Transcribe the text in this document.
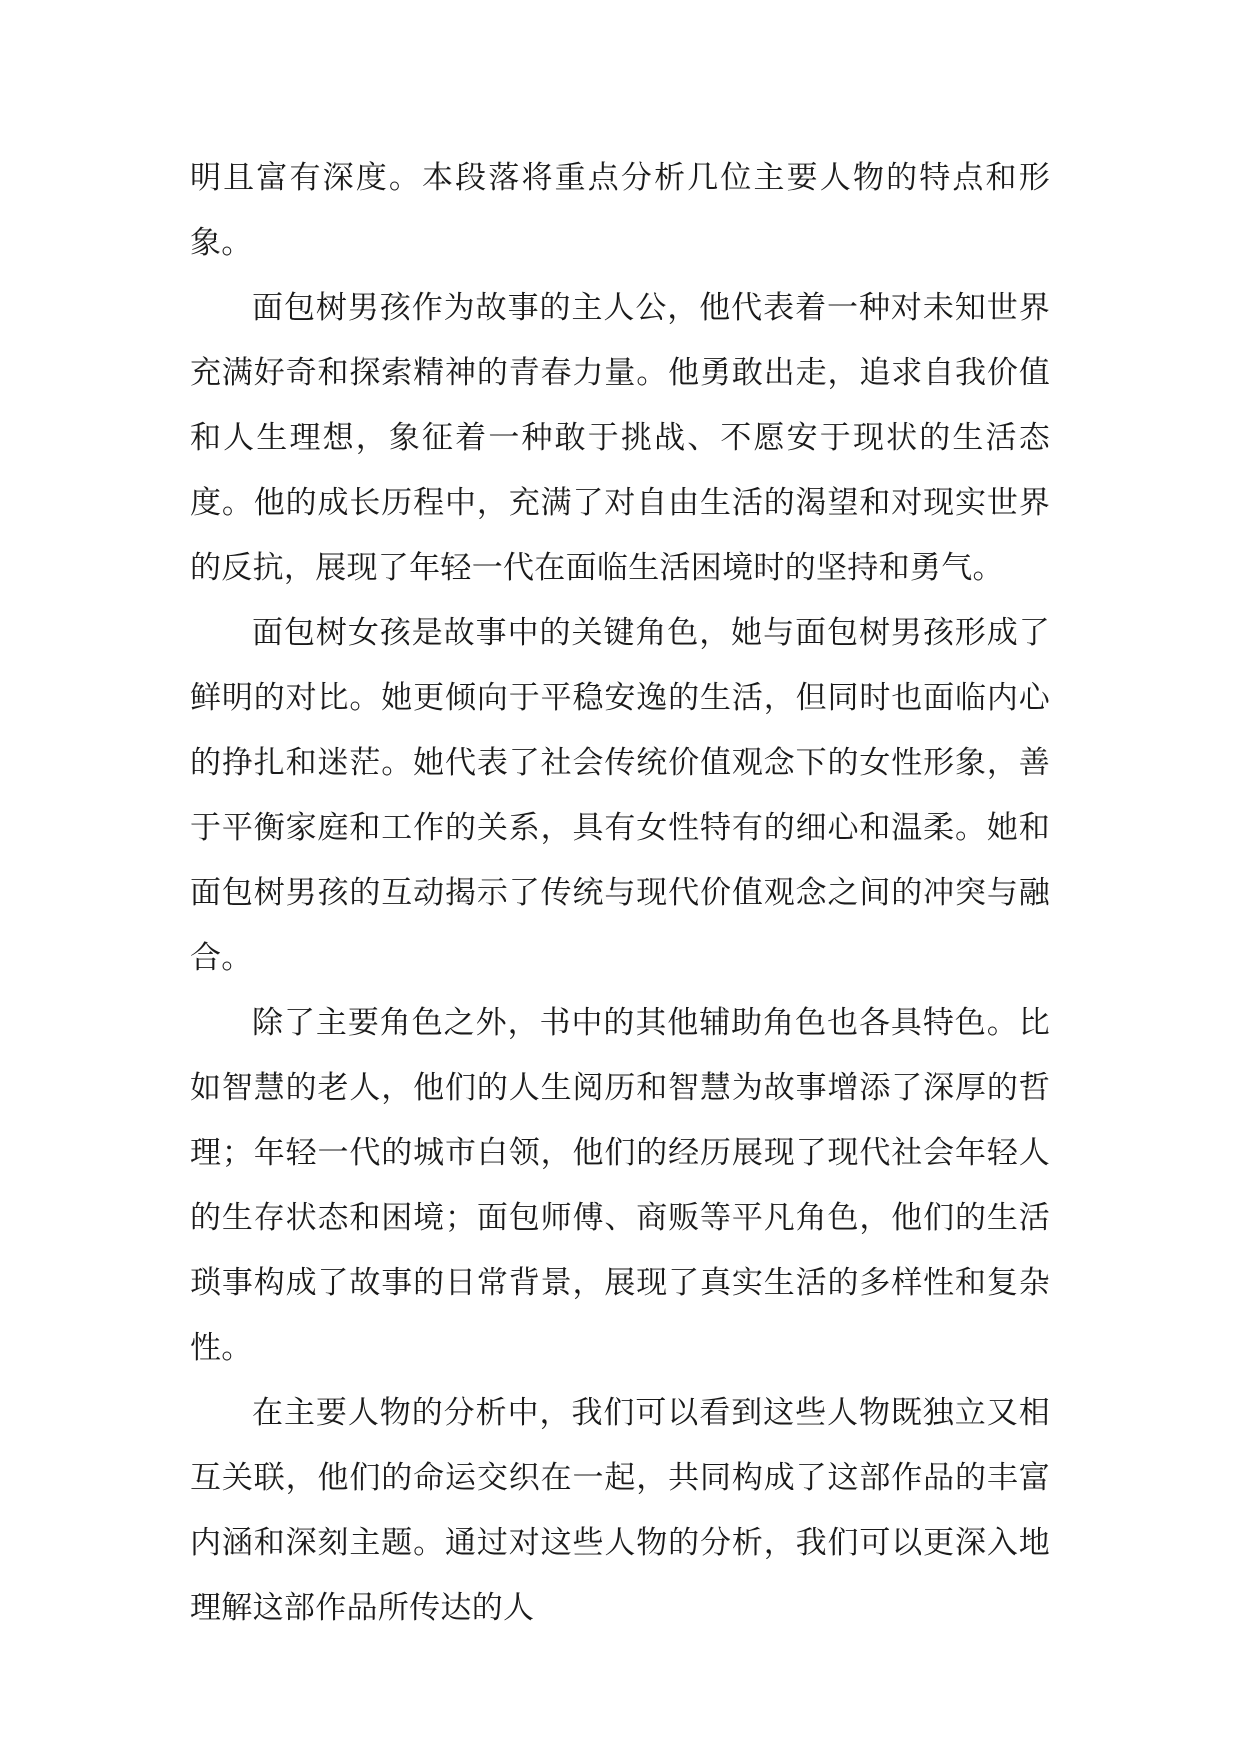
明且富有深度。本段落将重点分析几位主要人物的特点和形象。

面包树男孩作为故事的主人公，他代表着一种对未知世界充满好奇和探索精神的青春力量。他勇敢出走，追求自我价值和人生理想，象征着一种敢于挑战、不愿安于现状的生活态度。他的成长历程中，充满了对自由生活的渴望和对现实世界的反抗，展现了年轻一代在面临生活困境时的坚持和勇气。

面包树女孩是故事中的关键角色，她与面包树男孩形成了鲜明的对比。她更倾向于平稳安逸的生活，但同时也面临内心的挣扎和迷茫。她代表了社会传统价值观念下的女性形象，善于平衡家庭和工作的关系，具有女性特有的细心和温柔。她和面包树男孩的互动揭示了传统与现代价值观念之间的冲突与融合。

除了主要角色之外，书中的其他辅助角色也各具特色。比如智慧的老人，他们的人生阅历和智慧为故事增添了深厚的哲理；年轻一代的城市白领，他们的经历展现了现代社会年轻人的生存状态和困境；面包师傅、商贩等平凡角色，他们的生活琐事构成了故事的日常背景，展现了真实生活的多样性和复杂性。

在主要人物的分析中，我们可以看到这些人物既独立又相互关联，他们的命运交织在一起，共同构成了这部作品的丰富内涵和深刻主题。通过对这些人物的分析，我们可以更深入地理解这部作品所传达的人
